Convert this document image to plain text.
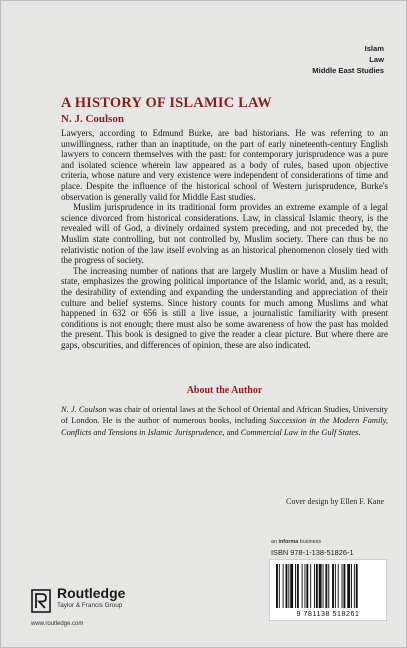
Islam
Law
Middle East Studies
A HISTORY OF ISLAMIC LAW
N. J. Coulson

Lawyers, according to Edmund Burke, are bad historians. He was referring to an unwillingness, rather than an inaptitude, on the part of early nineteenth-century English lawyers to concern themselves with the past: for contemporary jurisprudence was a pure and isolated science wherein law appeared as a body of rules, based upon objective criteria, whose nature and very existence were independent of considerations of time and place. Despite the influence of the historical school of Western jurisprudence, Burke's observation is generally valid for Middle East studies.

Muslim jurisprudence in its traditional form provides an extreme example of a legal science divorced from historical considerations. Law, in classical Islamic theory, is the revealed will of God, a divinely ordained system preceding, and not preceded by, the Muslim state controlling, but not controlled by, Muslim society. There can thus be no relativistic notion of the law itself evolving as an historical phenomenon closely tied with the progress of society.

The increasing number of nations that are largely Muslim or have a Muslim head of state, emphasizes the growing political importance of the Islamic world, and, as a result, the desirability of extending and expanding the understanding and appreciation of their culture and belief systems. Since history counts for much among Muslims and what happened in 632 or 656 is still a live issue, a journalistic familiarity with present conditions is not enough; there must also be some awareness of how the past has molded the present. This book is designed to give the reader a clear picture. But where there are gaps, obscurities, and differences of opinion, these are also indicated.

About the Author
N. J. Coulson was chair of oriental laws at the School of Oriental and African Studies, University of London. He is the author of numerous books, including Succession in the Modern Family, Conflicts and Tensions in Islamic Jurisprudence, and Commercial Law in the Gulf States.
Cover design by Ellen F. Kane
an informa business
ISBN 978-1-138-51826-1
9 781138 518261
Routledge
Taylor & Francis Group
www.routledge.com
